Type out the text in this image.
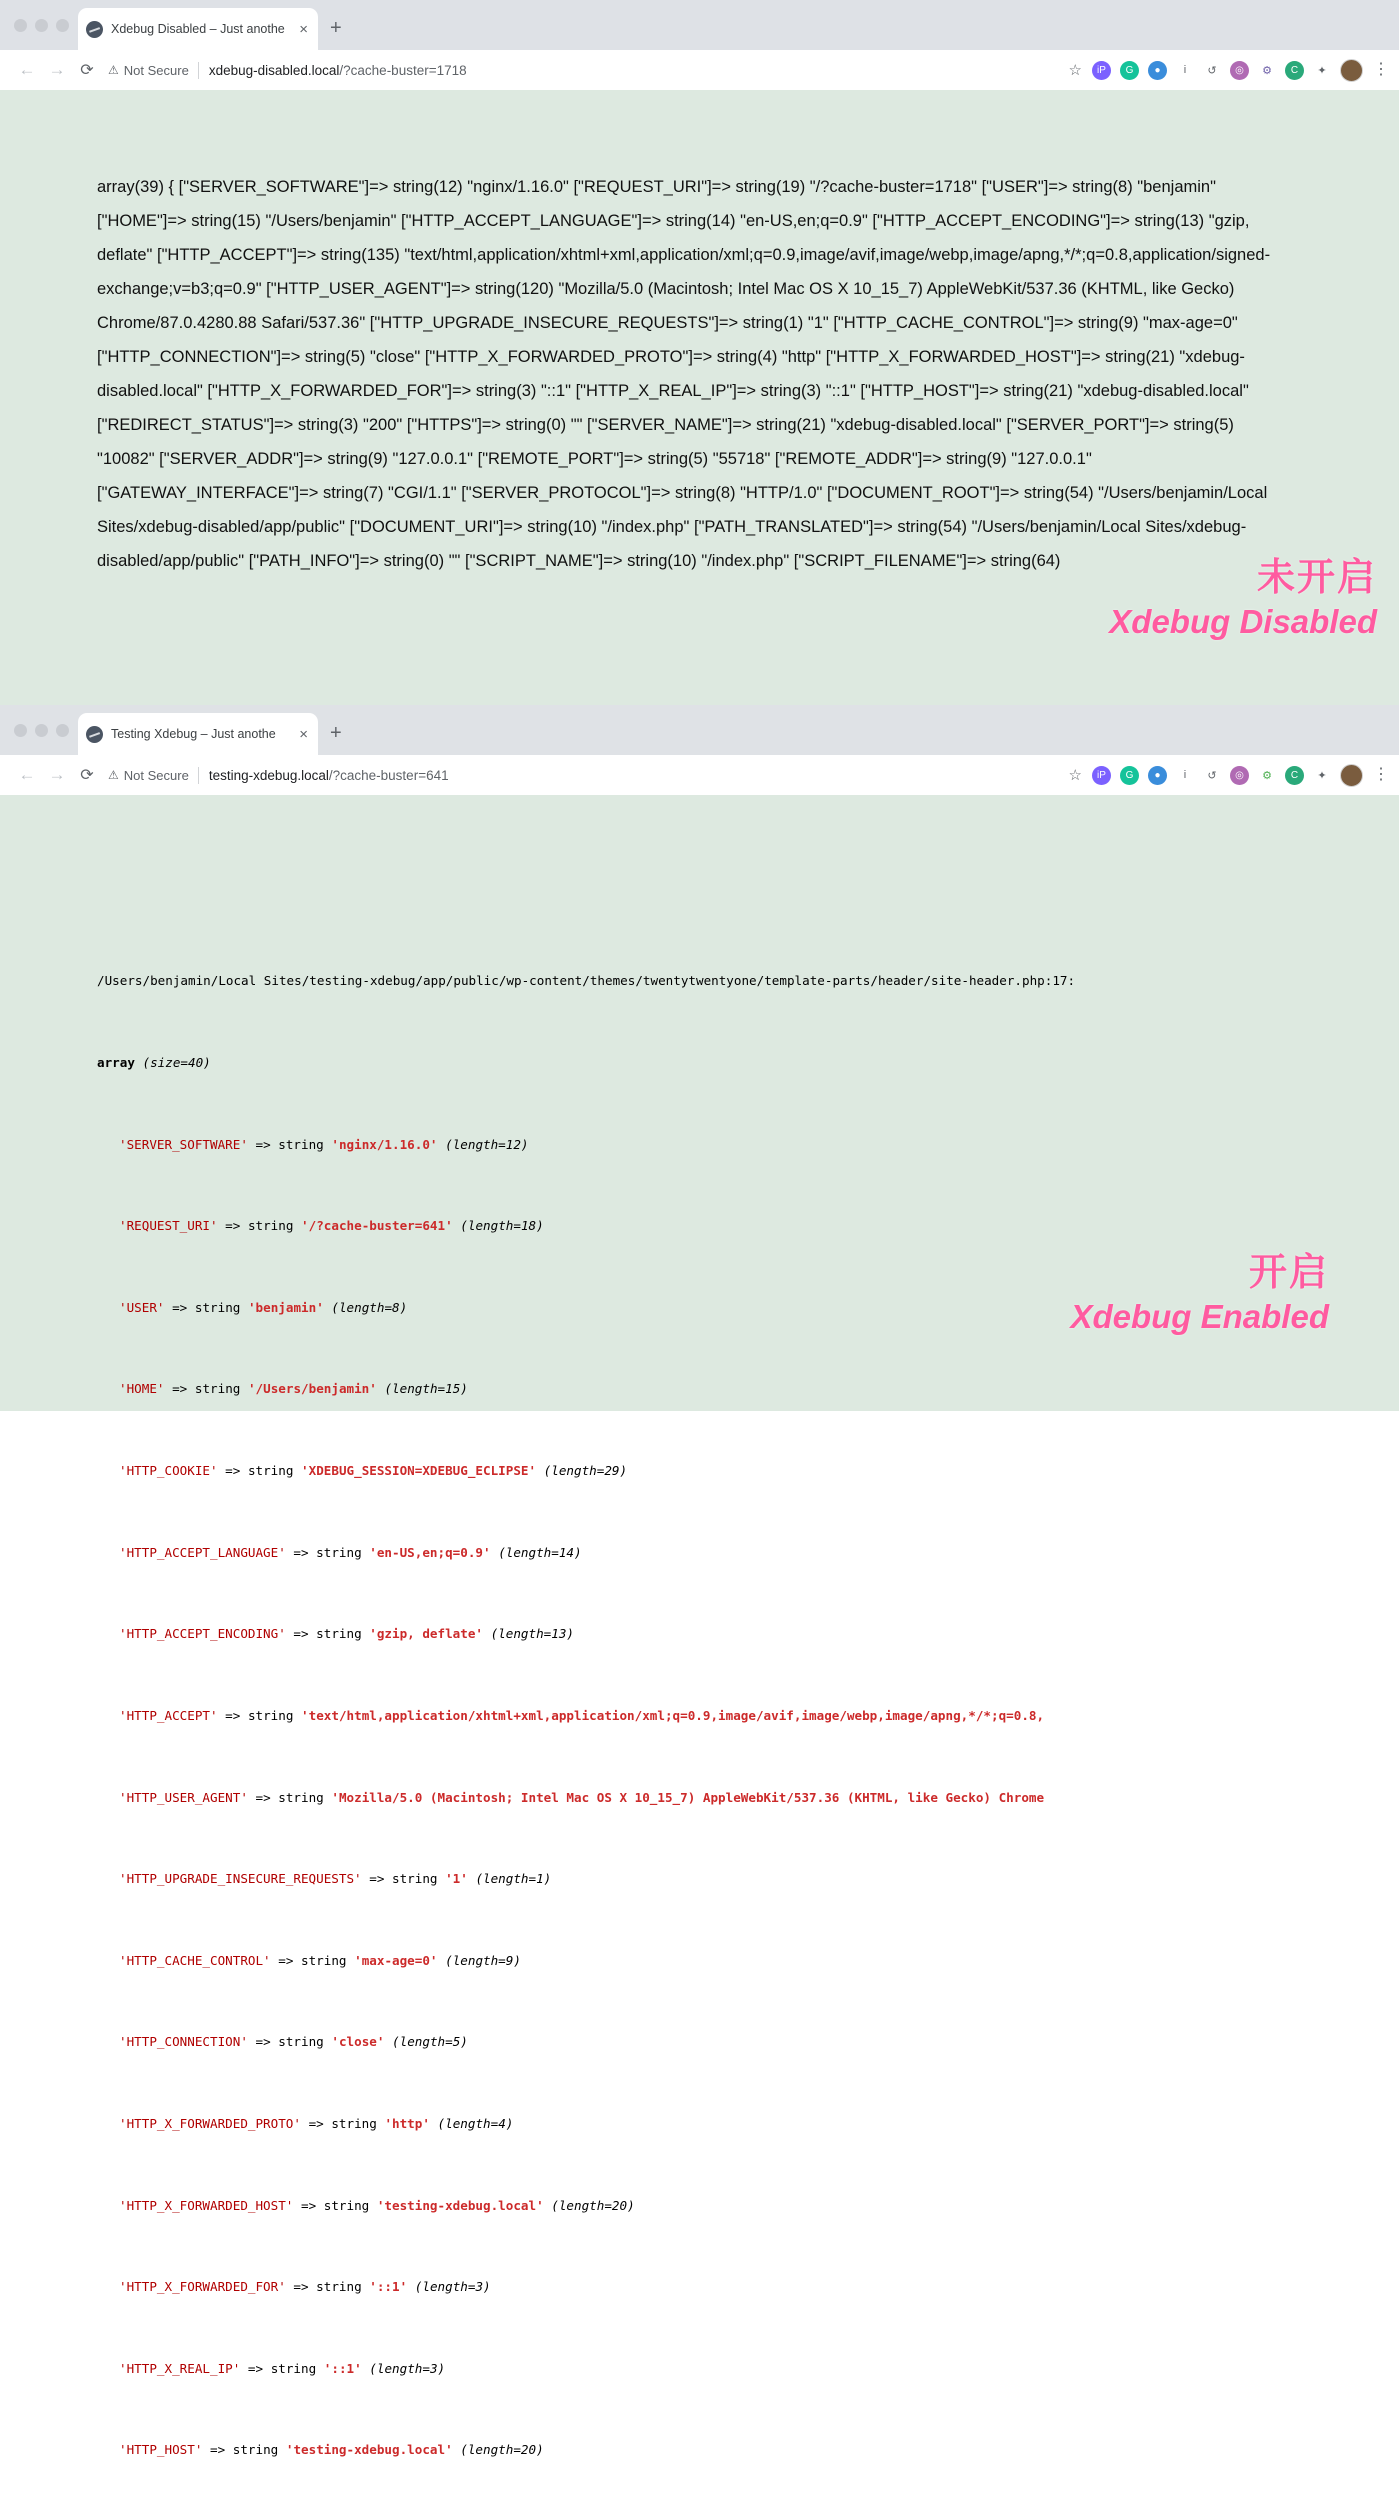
Xdebug Disabled – Just anothe × +
← → ⟳	⚠ Not Secure xdebug-disabled.local /?cache-buster=1718	☆	iP	G	●	i	↺	◎	⚙	C	✦	⋮
array(39) { ["SERVER_SOFTWARE"]=> string(12) "nginx/1.16.0" ["REQUEST_URI"]=> string(19) "/?cache-buster=1718" ["USER"]=> string(8) "benjamin" ["HOME"]=> string(15) "/Users/benjamin" ["HTTP_ACCEPT_LANGUAGE"]=> string(14) "en-US,en;q=0.9" ["HTTP_ACCEPT_ENCODING"]=> string(13) "gzip, deflate" ["HTTP_ACCEPT"]=> string(135) "text/html,application/xhtml+xml,application/xml;q=0.9,image/avif,image/webp,image/apng,*/*;q=0.8,application/signed-exchange;v=b3;q=0.9" ["HTTP_USER_AGENT"]=> string(120) "Mozilla/5.0 (Macintosh; Intel Mac OS X 10_15_7) AppleWebKit/537.36 (KHTML, like Gecko) Chrome/87.0.4280.88 Safari/537.36" ["HTTP_UPGRADE_INSECURE_REQUESTS"]=> string(1) "1" ["HTTP_CACHE_CONTROL"]=> string(9) "max-age=0" ["HTTP_CONNECTION"]=> string(5) "close" ["HTTP_X_FORWARDED_PROTO"]=> string(4) "http" ["HTTP_X_FORWARDED_HOST"]=> string(21) "xdebug-disabled.local" ["HTTP_X_FORWARDED_FOR"]=> string(3) "::1" ["HTTP_X_REAL_IP"]=> string(3) "::1" ["HTTP_HOST"]=> string(21) "xdebug-disabled.local" ["REDIRECT_STATUS"]=> string(3) "200" ["HTTPS"]=> string(0) "" ["SERVER_NAME"]=> string(21) "xdebug-disabled.local" ["SERVER_PORT"]=> string(5) "10082" ["SERVER_ADDR"]=> string(9) "127.0.0.1" ["REMOTE_PORT"]=> string(5) "55718" ["REMOTE_ADDR"]=> string(9) "127.0.0.1" ["GATEWAY_INTERFACE"]=> string(7) "CGI/1.1" ["SERVER_PROTOCOL"]=> string(8) "HTTP/1.0" ["DOCUMENT_ROOT"]=> string(54) "/Users/benjamin/Local Sites/xdebug-disabled/app/public" ["DOCUMENT_URI"]=> string(10) "/index.php" ["PATH_TRANSLATED"]=> string(54) "/Users/benjamin/Local Sites/xdebug-disabled/app/public" ["PATH_INFO"]=> string(0) "" ["SCRIPT_NAME"]=> string(10) "/index.php" ["SCRIPT_FILENAME"]=> string(64)	未开启
Xdebug Disabled
Testing Xdebug – Just anothe	× +
← → ⟳	⚠ Not Secure testing-xdebug.local /?cache-buster=641	☆	iP	G	●	i	↺	◎	⚙	C	✦	⋮

/Users/benjamin/Local Sites/testing-xdebug/app/public/wp-content/themes/twentytwentyone/template-parts/header/site-header.php:17:

array (size=40)

'SERVER_SOFTWARE' => string 'nginx/1.16.0' (length=12)

'REQUEST_URI' => string '/?cache-buster=641' (length=18)

'USER' => string 'benjamin' (length=8)

'HOME' => string '/Users/benjamin' (length=15)

'HTTP_COOKIE' => string 'XDEBUG_SESSION=XDEBUG_ECLIPSE' (length=29)

'HTTP_ACCEPT_LANGUAGE' => string 'en-US,en;q=0.9' (length=14)

'HTTP_ACCEPT_ENCODING' => string 'gzip, deflate' (length=13)

'HTTP_ACCEPT' => string 'text/html,application/xhtml+xml,application/xml;q=0.9,image/avif,image/webp,image/apng,*/*;q=0.8,

'HTTP_USER_AGENT' => string 'Mozilla/5.0 (Macintosh; Intel Mac OS X 10_15_7) AppleWebKit/537.36 (KHTML, like Gecko) Chrome

'HTTP_UPGRADE_INSECURE_REQUESTS' => string '1' (length=1)

'HTTP_CACHE_CONTROL' => string 'max-age=0' (length=9)

'HTTP_CONNECTION' => string 'close' (length=5)

'HTTP_X_FORWARDED_PROTO' => string 'http' (length=4)

'HTTP_X_FORWARDED_HOST' => string 'testing-xdebug.local' (length=20)

'HTTP_X_FORWARDED_FOR' => string '::1' (length=3)

'HTTP_X_REAL_IP' => string '::1' (length=3)

'HTTP_HOST' => string 'testing-xdebug.local' (length=20)

开启
Xdebug Enabled
